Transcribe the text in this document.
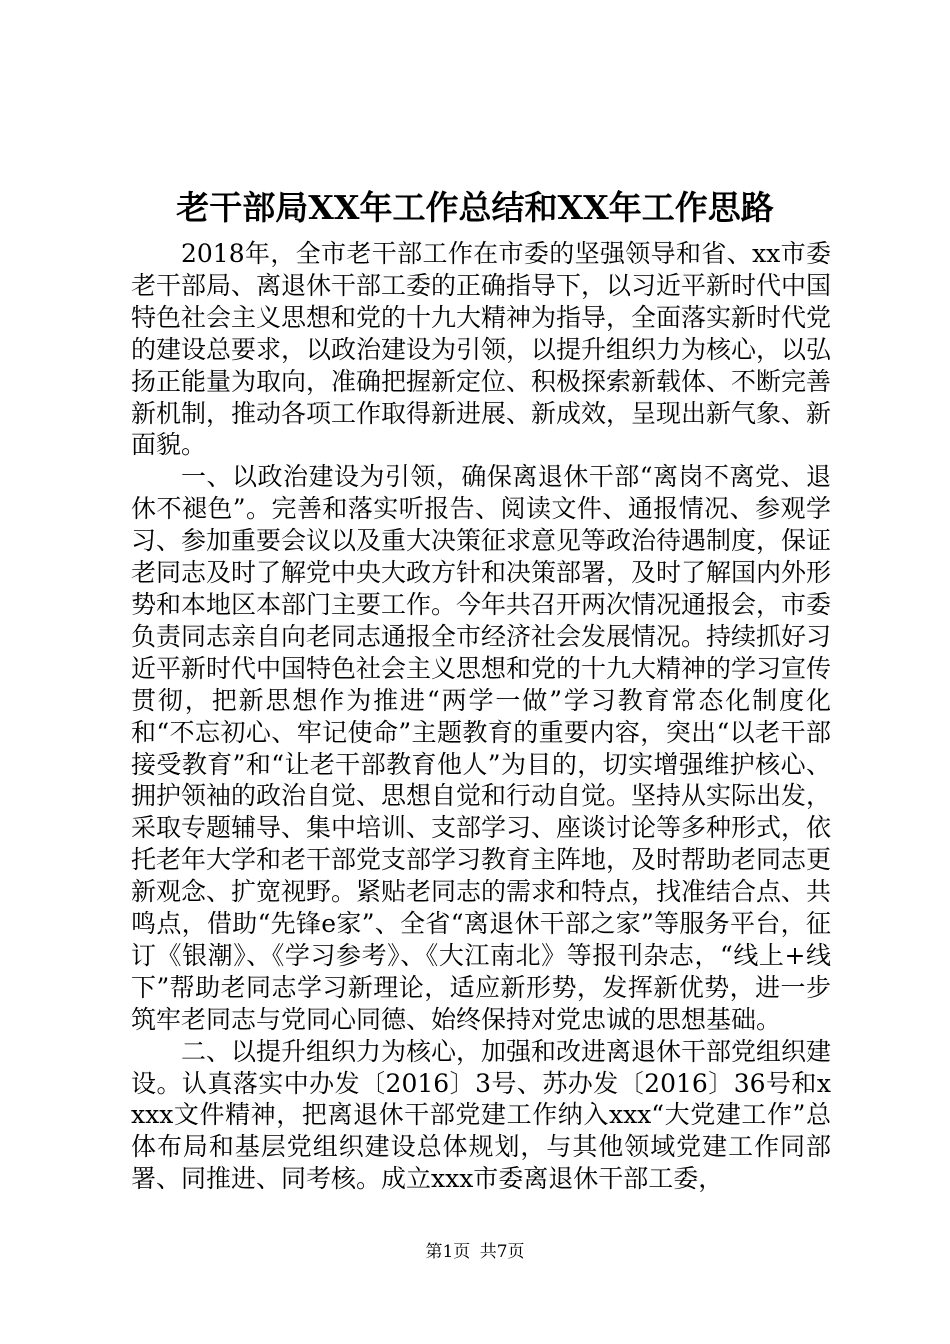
老干部局XX年工作总结和XX年工作思路

2018年，全市老干部工作在市委的坚强领导和省、xx市委老干部局、离退休干部工委的正确指导下，以习近平新时代中国特色社会主义思想和党的十九大精神为指导，全面落实新时代党的建设总要求，以政治建设为引领，以提升组织力为核心，以弘扬正能量为取向，准确把握新定位、积极探索新载体、不断完善新机制，推动各项工作取得新进展、新成效，呈现出新气象、新面貌。

一、以政治建设为引领，确保离退休干部“离岗不离党、退休不褪色”。完善和落实听报告、阅读文件、通报情况、参观学习、参加重要会议以及重大决策征求意见等政治待遇制度，保证老同志及时了解党中央大政方针和决策部署，及时了解国内外形势和本地区本部门主要工作。今年共召开两次情况通报会，市委负责同志亲自向老同志通报全市经济社会发展情况。持续抓好习近平新时代中国特色社会主义思想和党的十九大精神的学习宣传贯彻，把新思想作为推进“两学一做”学习教育常态化制度化和“不忘初心、牢记使命”主题教育的重要内容，突出“以老干部接受教育”和“让老干部教育他人”为目的，切实增强维护核心、拥护领袖的政治自觉、思想自觉和行动自觉。坚持从实际出发，采取专题辅导、集中培训、支部学习、座谈讨论等多种形式，依托老年大学和老干部党支部学习教育主阵地，及时帮助老同志更新观念、扩宽视野。紧贴老同志的需求和特点，找准结合点、共鸣点，借助“先锋e家”、全省“离退休干部之家”等服务平台，征订《银潮》、《学习参考》、《大江南北》等报刊杂志，“线上+线下”帮助老同志学习新理论，适应新形势，发挥新优势，进一步筑牢老同志与党同心同德、始终保持对党忠诚的思想基础。

二、以提升组织力为核心，加强和改进离退休干部党组织建设。认真落实中办发〔2016〕3号、苏办发〔2016〕36号和xxxx文件精神，把离退休干部党建工作纳入xxx“大党建工作”总体布局和基层党组织建设总体规划，与其他领域党建工作同部署、同推进、同考核。成立xxx市委离退休干部工委，

第1页 共7页
